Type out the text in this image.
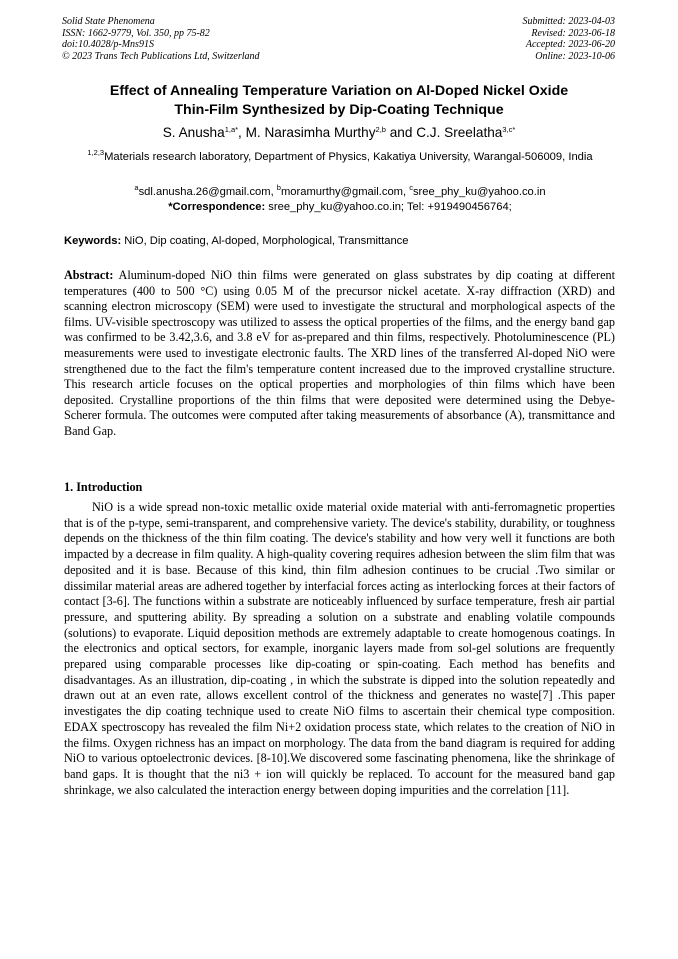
Solid State Phenomena
ISSN: 1662-9779, Vol. 350, pp 75-82
doi:10.4028/p-Mns91S
© 2023 Trans Tech Publications Ltd, Switzerland
Submitted: 2023-04-03
Revised: 2023-06-18
Accepted: 2023-06-20
Online: 2023-10-06
Effect of Annealing Temperature Variation on Al-Doped Nickel Oxide
Thin-Film Synthesized by Dip-Coating Technique
S. Anusha$^{1,a*}$, M. Narasimha Murthy$^{2,b}$ and C.J. Sreelatha$^{3,c*}$
$^{1,2,3}$Materials research laboratory, Department of Physics, Kakatiya University, Warangal-506009, India
$^a$sdl.anusha.26@gmail.com, $^b$moramurthy@gmail.com, $^c$sree_phy_ku@yahoo.co.in
*Correspondence: sree_phy_ku@yahoo.co.in; Tel: +919490456764;
Keywords: NiO, Dip coating, Al-doped, Morphological, Transmittance

Abstract: Aluminum-doped NiO thin films were generated on glass substrates by dip coating at different temperatures (400 to 500 °C) using 0.05 M of the precursor nickel acetate. X-ray diffraction (XRD) and scanning electron microscopy (SEM) were used to investigate the structural and morphological aspects of the films. UV-visible spectroscopy was utilized to assess the optical properties of the films, and the energy band gap was confirmed to be 3.42,3.6, and 3.8 eV for as-prepared and thin films, respectively. Photoluminescence (PL) measurements were used to investigate electronic faults. The XRD lines of the transferred Al-doped NiO were strengthened due to the fact the film's temperature content increased due to the improved crystalline structure. This research article focuses on the optical properties and morphologies of thin films which have been deposited. Crystalline proportions of the thin films that were deposited were determined using the Debye-Scherer formula. The outcomes were computed after taking measurements of absorbance (A), transmittance and Band Gap.

1. Introduction

NiO is a wide spread non-toxic metallic oxide material oxide material with anti-ferromagnetic properties that is of the p-type, semi-transparent, and comprehensive variety. The device's stability, durability, or toughness depends on the thickness of the thin film coating. The device's stability and how very well it functions are both impacted by a decrease in film quality. A high-quality covering requires adhesion between the slim film that was deposited and it is base. Because of this kind, thin film adhesion continues to be crucial .Two similar or dissimilar material areas are adhered together by interfacial forces acting as interlocking forces at their factors of contact [3-6]. The functions within a substrate are noticeably influenced by surface temperature, fresh air partial pressure, and sputtering ability. By spreading a solution on a substrate and enabling volatile compounds (solutions) to evaporate. Liquid deposition methods are extremely adaptable to create homogenous coatings. In the electronics and optical sectors, for example, inorganic layers made from sol-gel solutions are frequently prepared using comparable processes like dip-coating or spin-coating. Each method has benefits and disadvantages. As an illustration, dip-coating , in which the substrate is dipped into the solution repeatedly and drawn out at an even rate, allows excellent control of the thickness and generates no waste[7] .This paper investigates the dip coating technique used to create NiO films to ascertain their chemical type composition. EDAX spectroscopy has revealed the film Ni+2 oxidation process state, which relates to the creation of NiO in the films. Oxygen richness has an impact on morphology. The data from the band diagram is required for adding NiO to various optoelectronic devices. [8-10].We discovered some fascinating phenomena, like the shrinkage of band gaps. It is thought that the ni3 + ion will quickly be replaced. To account for the measured band gap shrinkage, we also calculated the interaction energy between doping impurities and the correlation [11].
